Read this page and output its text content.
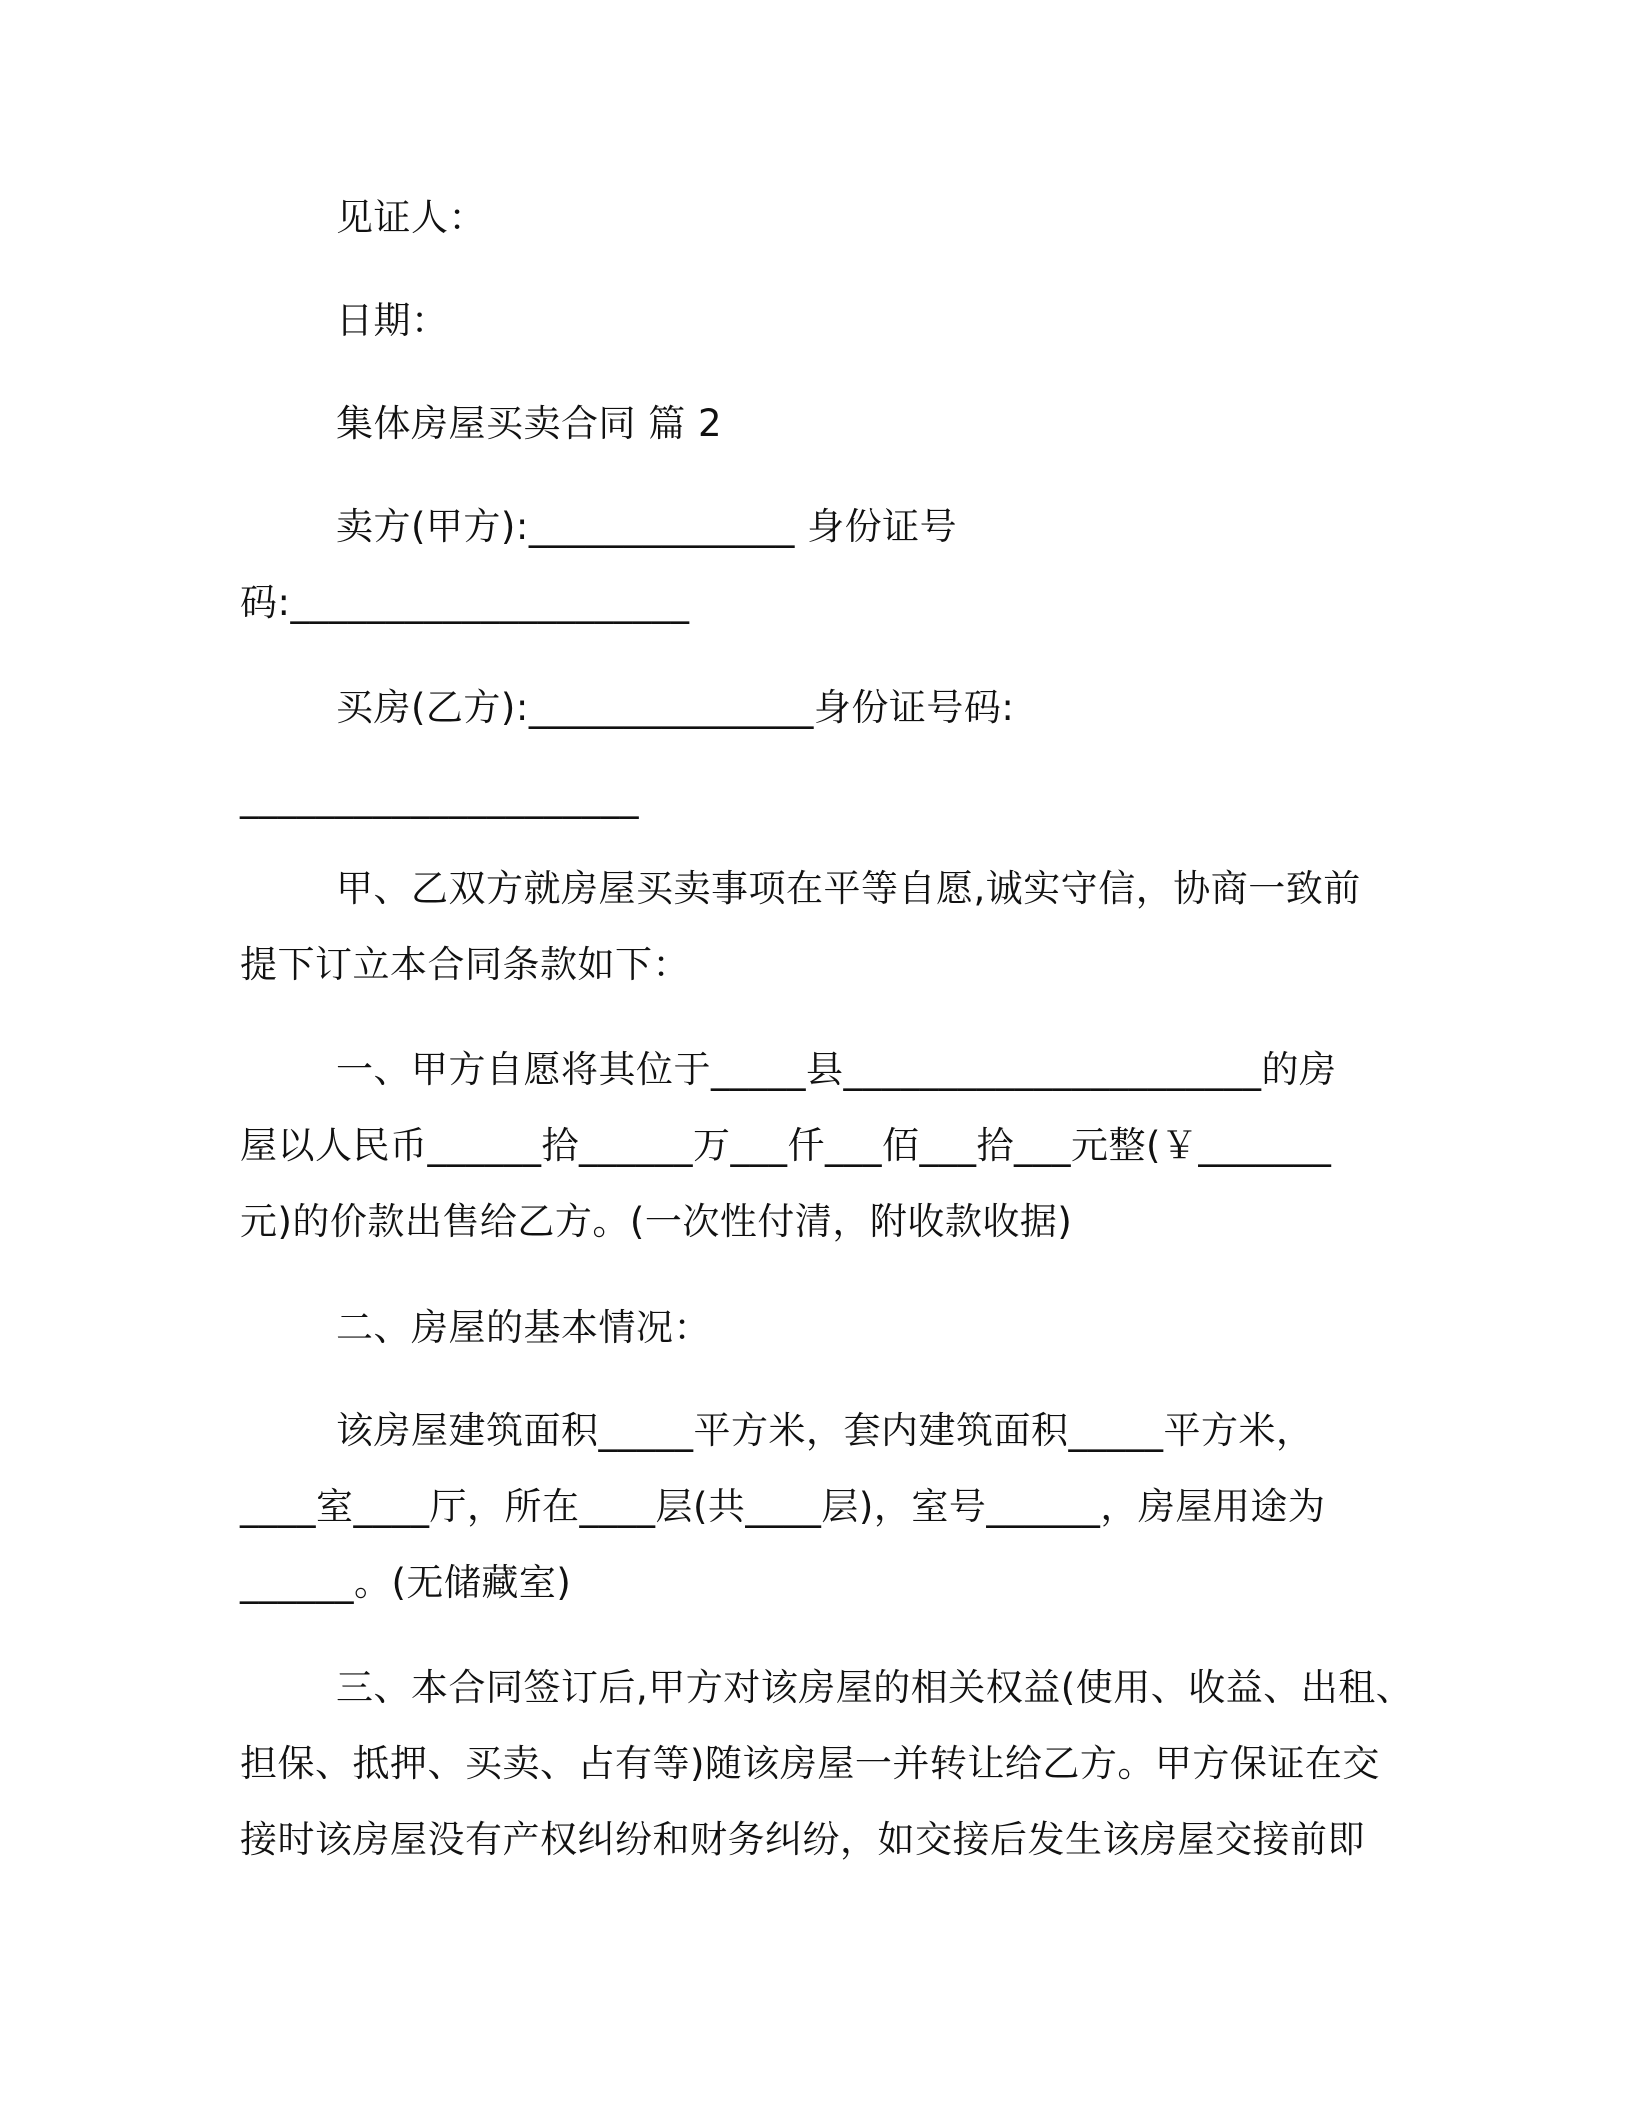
见证人：
日期：
集体房屋买卖合同 篇 2
卖方(甲方):______________ 身份证号
码:_____________________
买房(乙方):_______________身份证号码:
_____________________
甲、乙双方就房屋买卖事项在平等自愿,诚实守信，协商一致前
提下订立本合同条款如下：
一、甲方自愿将其位于_____县______________________的房
屋以人民币______拾______万___仟___佰___拾___元整(￥_______
元)的价款出售给乙方。(一次性付清，附收款收据)
二、房屋的基本情况：
该房屋建筑面积_____平方米，套内建筑面积_____平方米，
____室____厅，所在____层(共____层)，室号______，房屋用途为
______。(无储藏室)
三、本合同签订后,甲方对该房屋的相关权益(使用、收益、出租、
担保、抵押、买卖、占有等)随该房屋一并转让给乙方。甲方保证在交
接时该房屋没有产权纠纷和财务纠纷，如交接后发生该房屋交接前即
